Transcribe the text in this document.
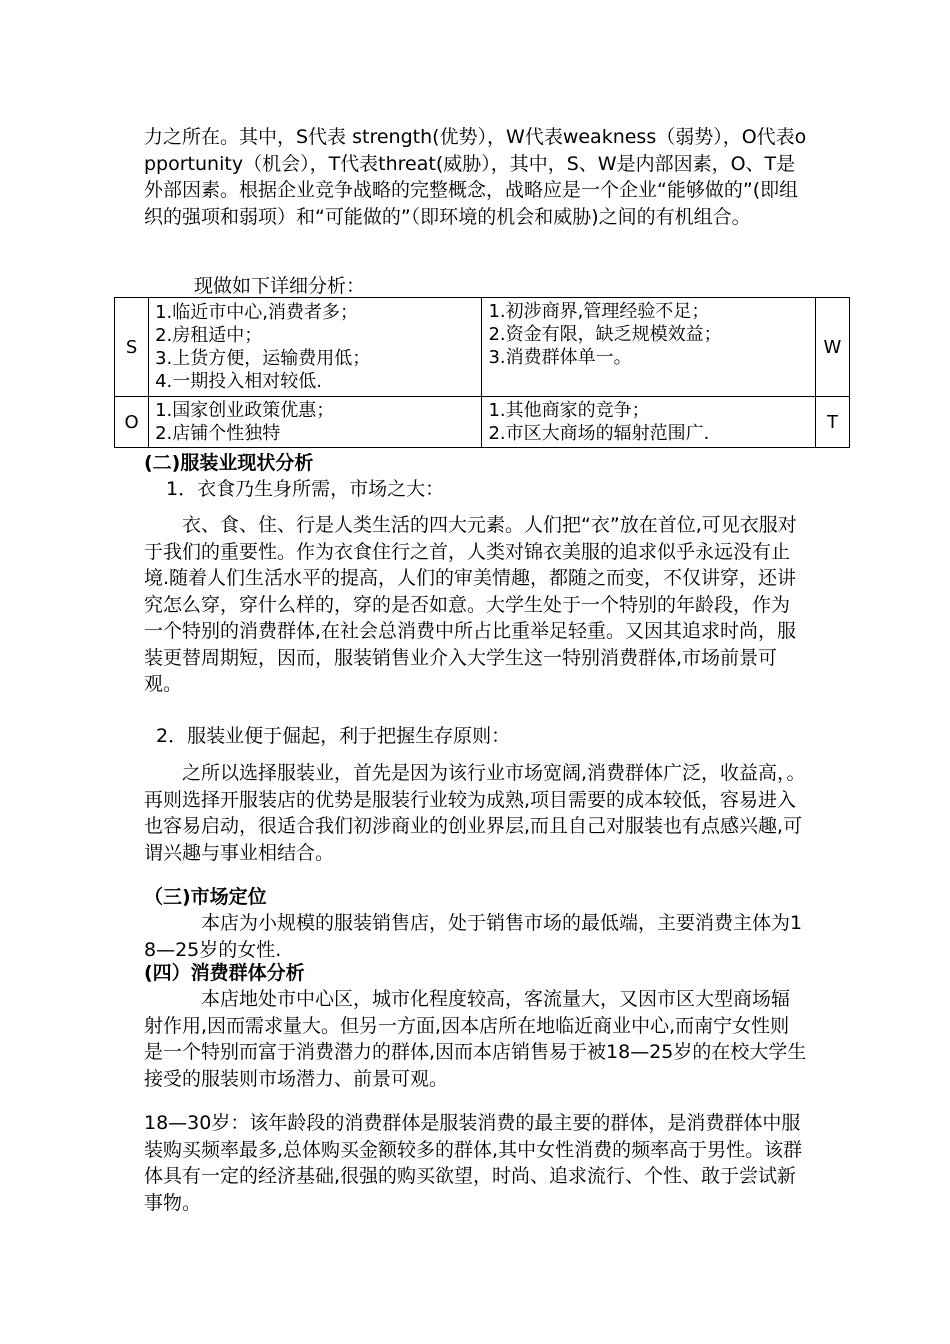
力之所在。其中，S代表 strength(优势），W代表weakness（弱势），O代表opportunity（机会），T代表threat(威胁），其中，S、W是内部因素，O、T是外部因素。根据企业竞争战略的完整概念，战略应是一个企业“能够做的”(即组织的强项和弱项）和“可能做的”（即环境的机会和威胁)之间的有机组合。

现做如下详细分析：

S	1.临近市中心,消费者多；
2.房租适中；
3.上货方便，运输费用低；
4.一期投入相对较低.	1.初涉商界,管理经验不足；
2.资金有限，缺乏规模效益；
3.消费群体单一。	W
O	1.国家创业政策优惠；
2.店铺个性独特	1.其他商家的竞争；
2.市区大商场的辐射范围广.	T

(二)服装业现状分析

1．衣食乃生身所需，市场之大：

　　衣、食、住、行是人类生活的四大元素。人们把“衣”放在首位,可见衣服对于我们的重要性。作为衣食住行之首，人类对锦衣美服的追求似乎永远没有止境.随着人们生活水平的提高，人们的审美情趣，都随之而变，不仅讲穿，还讲究怎么穿，穿什么样的，穿的是否如意。大学生处于一个特别的年龄段，作为一个特别的消费群体,在社会总消费中所占比重举足轻重。又因其追求时尚，服装更替周期短，因而，服装销售业介入大学生这一特别消费群体,市场前景可观。

2．服装业便于倔起，利于把握生存原则：

　　之所以选择服装业，首先是因为该行业市场宽阔,消费群体广泛，收益高，。再则选择开服装店的优势是服装行业较为成熟,项目需要的成本较低，容易进入也容易启动，很适合我们初涉商业的创业界层,而且自己对服装也有点感兴趣,可谓兴趣与事业相结合。

（三)市场定位

　　　本店为小规模的服装销售店，处于销售市场的最低端，主要消费主体为18—25岁的女性.

(四）消费群体分析

　　　本店地处市中心区，城市化程度较高，客流量大，又因市区大型商场辐射作用,因而需求量大。但另一方面,因本店所在地临近商业中心,而南宁女性则是一个特别而富于消费潜力的群体,因而本店销售易于被18—25岁的在校大学生接受的服装则市场潜力、前景可观。

18—30岁：该年龄段的消费群体是服装消费的最主要的群体，是消费群体中服装购买频率最多,总体购买金额较多的群体,其中女性消费的频率高于男性。该群体具有一定的经济基础,很强的购买欲望，时尚、追求流行、个性、敢于尝试新事物。
